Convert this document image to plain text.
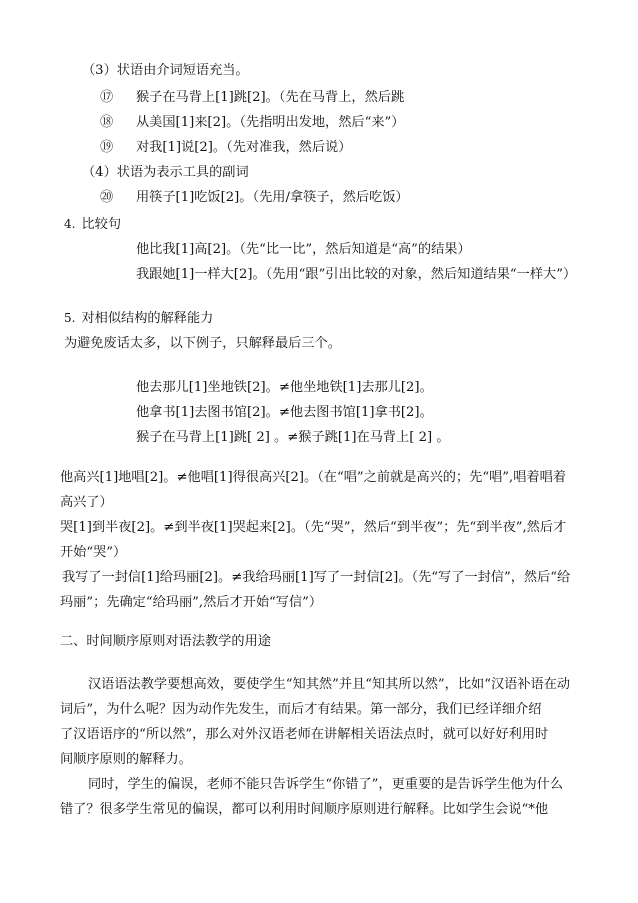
（3）状语由介词短语充当。
⑰ 猴子在马背上[1]跳[2]。（先在马背上，然后跳
⑱ 从美国[1]来[2]。（先指明出发地，然后“来”）
⑲ 对我[1]说[2]。（先对准我，然后说）
（4）状语为表示工具的副词
⑳ 用筷子[1]吃饭[2]。（先用/拿筷子，然后吃饭）
4. 比较句
他比我[1]高[2]。（先“比一比”，然后知道是“高”的结果）
我跟她[1]一样大[2]。（先用“跟”引出比较的对象，然后知道结果“一样大”）
5. 对相似结构的解释能力
为避免废话太多，以下例子，只解释最后三个。
他去那儿[1]坐地铁[2]。≠他坐地铁[1]去那儿[2]。
他拿书[1]去图书馆[2]。≠他去图书馆[1]拿书[2]。
猴子在马背上[1]跳[ 2] 。≠猴子跳[1]在马背上[ 2] 。
他高兴[1]地唱[2]。≠他唱[1]得很高兴[2]。（在“唱”之前就是高兴的；先“唱”,唱着唱着
高兴了）
哭[1]到半夜[2]。≠到半夜[1]哭起来[2]。（先“哭”，然后“到半夜”；先“到半夜”,然后才
开始“哭”）
我写了一封信[1]给玛丽[2]。≠我给玛丽[1]写了一封信[2]。（先“写了一封信”，然后“给
玛丽”；先确定“给玛丽”,然后才开始“写信”）
二、时间顺序原则对语法教学的用途
汉语语法教学要想高效，要使学生“知其然”并且“知其所以然”，比如“汉语补语在动
词后”，为什么呢？因为动作先发生，而后才有结果。第一部分，我们已经详细介绍
了汉语语序的“所以然”，那么对外汉语老师在讲解相关语法点时，就可以好好利用时
间顺序原则的解释力。
同时，学生的偏误，老师不能只告诉学生“你错了”，更重要的是告诉学生他为什么
错了？很多学生常见的偏误，都可以利用时间顺序原则进行解释。比如学生会说“*他
